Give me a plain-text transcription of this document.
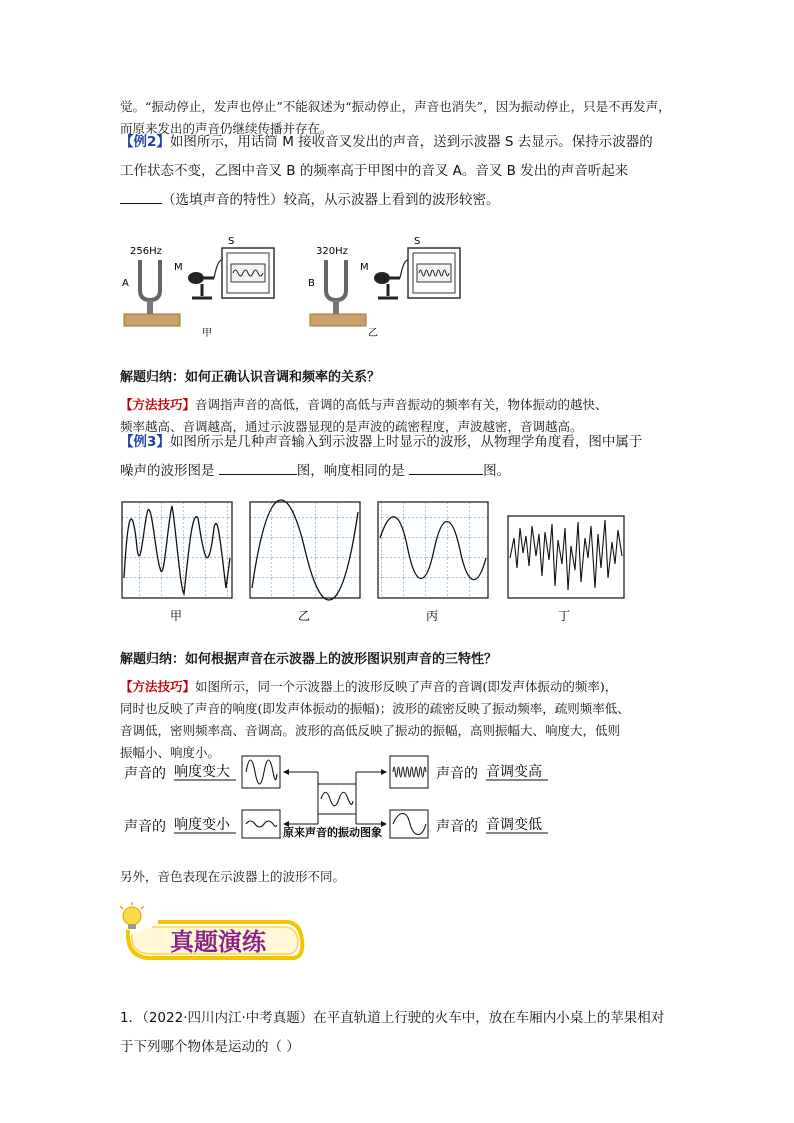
觉。“振动停止，发声也停止”不能叙述为“振动停止，声音也消失”，因为振动停止，只是不再发声，而原来发出的声音仍继续传播并存在。
【例2】如图所示，用话筒 M 接收音叉发出的声音，送到示波器 S 去显示。保持示波器的
工作状态不变，乙图中音叉 B 的频率高于甲图中的音叉 A。音叉 B 发出的声音听起来
（选填声音的特性）较高，从示波器上看到的波形较密。
256Hz
A
M
S
甲
320Hz
B
M
S
乙
解题归纳：如何正确认识音调和频率的关系？
【方法技巧】音调指声音的高低，音调的高低与声音振动的频率有关，物体振动的越快、
频率越高、音调越高，通过示波器显现的是声波的疏密程度，声波越密，音调越高。
【例3】如图所示是几种声音输入到示波器上时显示的波形，从物理学角度看，图中属于
噪声的波形图是	图，响度相同的是	图。
甲	乙	丙	丁
解题归纳：如何根据声音在示波器上的波形图识别声音的三特性？
【方法技巧】如图所示，同一个示波器上的波形反映了声音的音调(即发声体振动的频率)，
同时也反映了声音的响度(即发声体振动的振幅)；波形的疏密反映了振动频率，疏则频率低、
音调低，密则频率高、音调高。波形的高低反映了振动的振幅，高则振幅大、响度大，低则
振幅小、响度小。
声音的 响度变大
声音的 响度变小	原来声音的振动图象
声音的 音调变高
声音的 音调变低
另外，音色表现在示波器上的波形不同。
真题演练
1．（2022·四川内江·中考真题）在平直轨道上行驶的火车中，放在车厢内小桌上的苹果相对
于下列哪个物体是运动的（ ）
